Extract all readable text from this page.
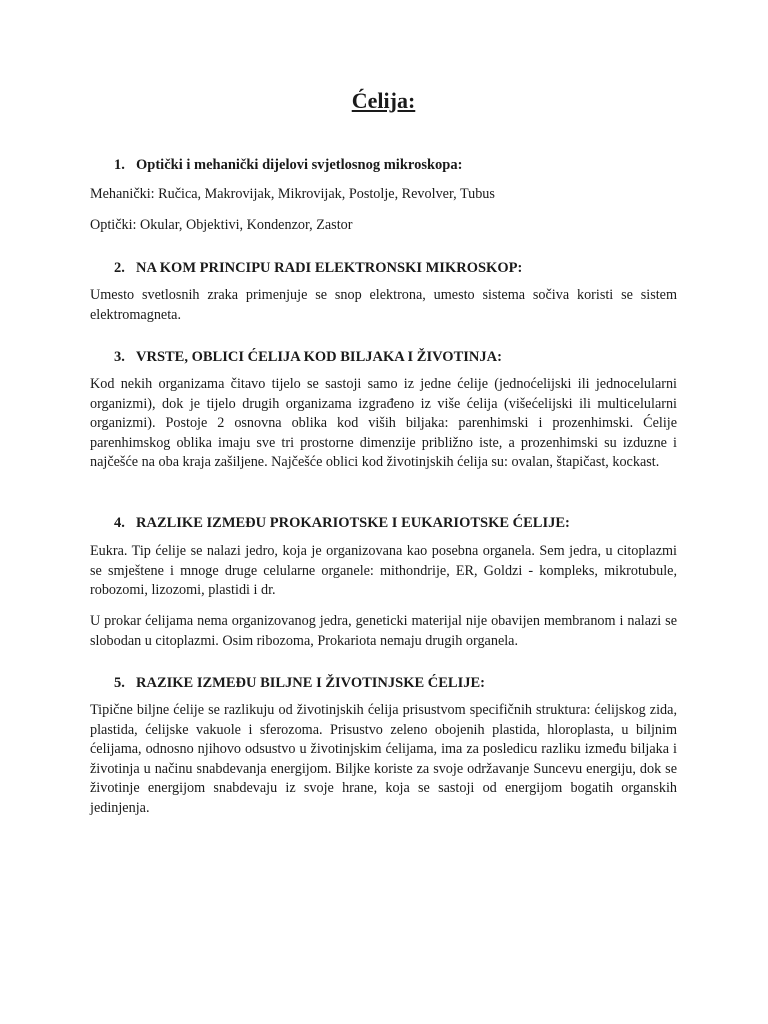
Ćelija:
1. Optički i mehanički dijelovi svjetlosnog mikroskopa:

Mehanički: Ručica, Makrovijak, Mikrovijak, Postolje, Revolver, Tubus

Optički: Okular, Objektivi, Kondenzor, Zastor

2. NA KOM PRINCIPU RADI ELEKTRONSKI MIKROSKOP:

Umesto svetlosnih zraka primenjuje se snop elektrona, umesto sistema sočiva koristi se sistem elektromagneta.

3. VRSTE, OBLICI ĆELIJA KOD BILJAKA I ŽIVOTINJA:

Kod nekih organizama čitavo tijelo se sastoji samo iz jedne ćelije (jednoćelijski ili jednocelularni organizmi), dok je tijelo drugih organizama izgrađeno iz više ćelija (višećelijski ili multicelularni organizmi). Postoje 2 osnovna oblika kod viših biljaka: parenhimski i prozenhimski. Ćelije parenhimskog oblika imaju sve tri prostorne dimenzije približno iste, a prozenhimski su izduzne i najčešće na oba kraja zašiljene. Najčešće oblici kod životinjskih ćelija su: ovalan, štapičast, kockast.

4. RAZLIKE IZMEĐU PROKARIOTSKE I EUKARIOTSKE ĆELIJE:

Eukra. Tip ćelije se nalazi jedro, koja je organizovana kao posebna organela. Sem jedra, u citoplazmi se smještene i mnoge druge celularne organele: mithondrije, ER, Goldzi - kompleks, mikrotubule, robozomi, lizozomi, plastidi i dr.

U prokar ćelijama nema organizovanog jedra, geneticki materijal nije obavijen membranom i nalazi se slobodan u citoplazmi. Osim ribozoma, Prokariota nemaju drugih organela.

5. RAZIKE IZMEĐU BILJNE I ŽIVOTINJSKE ĆELIJE:

Tipične biljne ćelije se razlikuju od životinjskih ćelija prisustvom specifičnih struktura: ćelijskog zida, plastida, ćelijske vakuole i sferozoma. Prisustvo zeleno obojenih plastida, hloroplasta, u biljnim ćelijama, odnosno njihovo odsustvo u životinjskim ćelijama, ima za posledicu razliku između biljaka i životinja u načinu snabdevanja energijom. Biljke koriste za svoje održavanje Suncevu energiju, dok se životinje energijom snabdevaju iz svoje hrane, koja se sastoji od energijom bogatih organskih jedinjenja.
